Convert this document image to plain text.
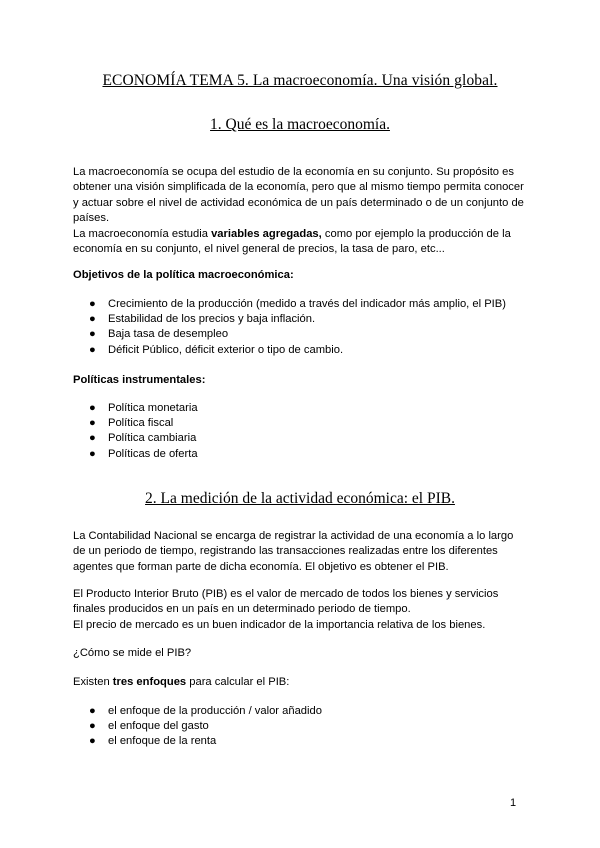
ECONOMÍA TEMA 5. La macroeconomía. Una visión global.
1. Qué es la macroeconomía.

La macroeconomía se ocupa del estudio de la economía en su conjunto. Su propósito es obtener una visión simplificada de la economía, pero que al mismo tiempo permita conocer y actuar sobre el nivel de actividad económica de un país determinado o de un conjunto de países.

La macroeconomía estudia variables agregadas, como por ejemplo la producción de la economía en su conjunto, el nivel general de precios, la tasa de paro, etc...

Objetivos de la política macroeconómica:
● Crecimiento de la producción (medido a través del indicador más amplio, el PIB)
● Estabilidad de los precios y baja inflación.
● Baja tasa de desempleo
● Déficit Público, déficit exterior o tipo de cambio.
Políticas instrumentales:
● Política monetaria
● Política fiscal
● Política cambiaria
● Políticas de oferta
2. La medición de la actividad económica: el PIB.
La Contabilidad Nacional se encarga de registrar la actividad de una economía a lo largo de un periodo de tiempo, registrando las transacciones realizadas entre los diferentes agentes que forman parte de dicha economía. El objetivo es obtener el PIB.

El Producto Interior Bruto (PIB) es el valor de mercado de todos los bienes y servicios finales producidos en un país en un determinado periodo de tiempo.

El precio de mercado es un buen indicador de la importancia relativa de los bienes.

¿Cómo se mide el PIB?
Existen tres enfoques para calcular el PIB:
● el enfoque de la producción / valor añadido
● el enfoque del gasto
● el enfoque de la renta
1
